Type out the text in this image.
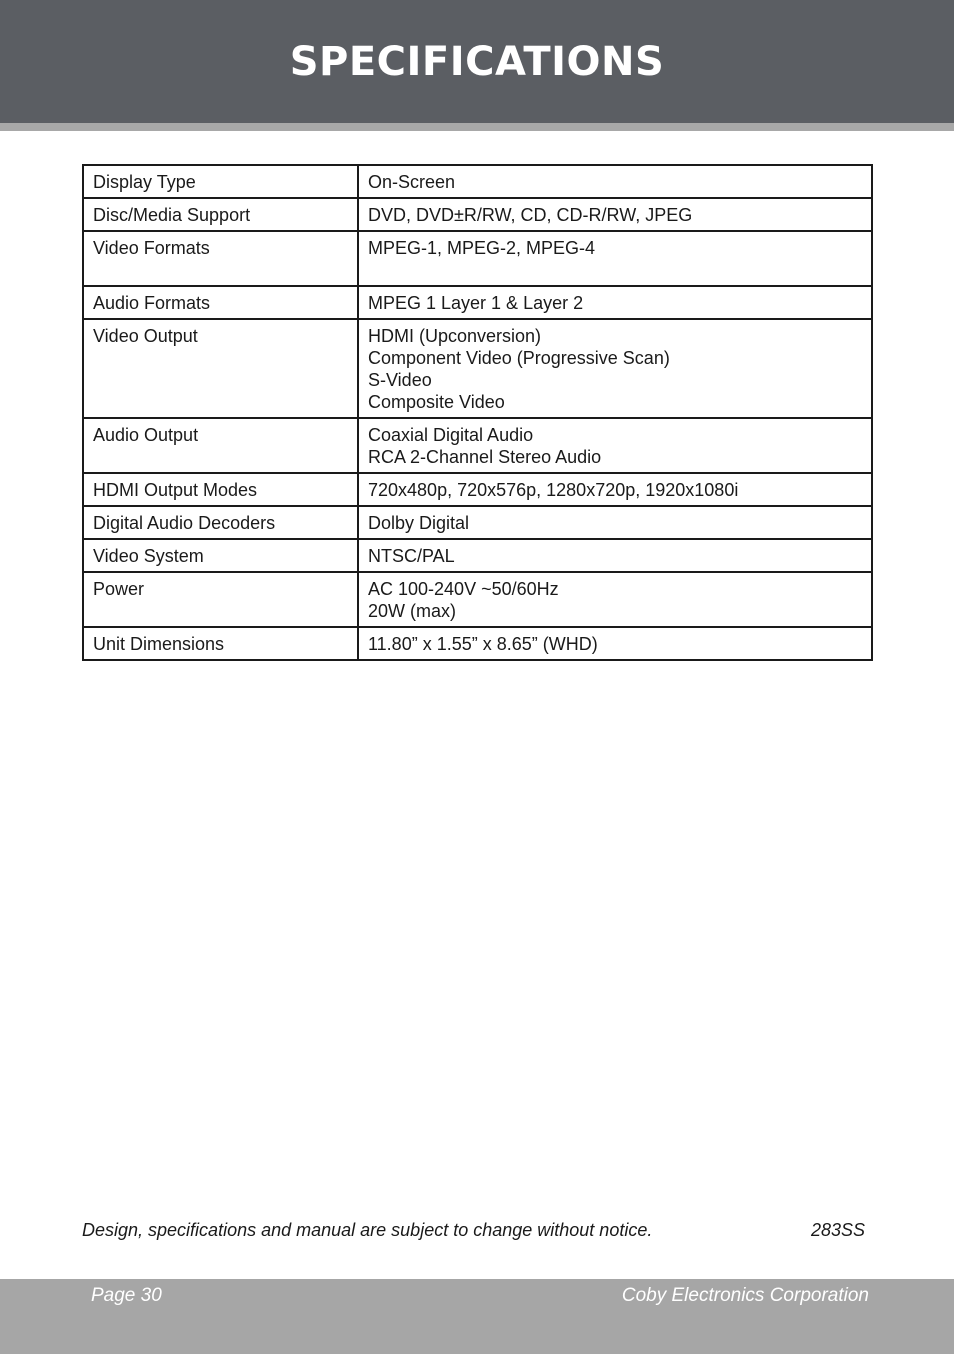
SPECIFICATIONS
Display Type	On-Screen

Disc/Media Support	DVD, DVD±R/RW, CD, CD-R/RW, JPEG

Video Formats	MPEG-1, MPEG-2, MPEG-4

Audio Formats	MPEG 1 Layer 1 & Layer 2

Video Output	HDMI (Upconversion)
Component Video (Progressive Scan)
S-Video
Composite Video

Audio Output	Coaxial Digital Audio
RCA 2-Channel Stereo Audio

HDMI Output Modes	720x480p, 720x576p, 1280x720p, 1920x1080i

Digital Audio Decoders	Dolby Digital

Video System	NTSC/PAL

Power	AC 100-240V ~50/60Hz
20W (max)

Unit Dimensions	11.80” x 1.55” x 8.65” (WHD)
Design, specifications and manual are subject to change without notice.	283SS
Page 30	Coby Electronics Corporation
